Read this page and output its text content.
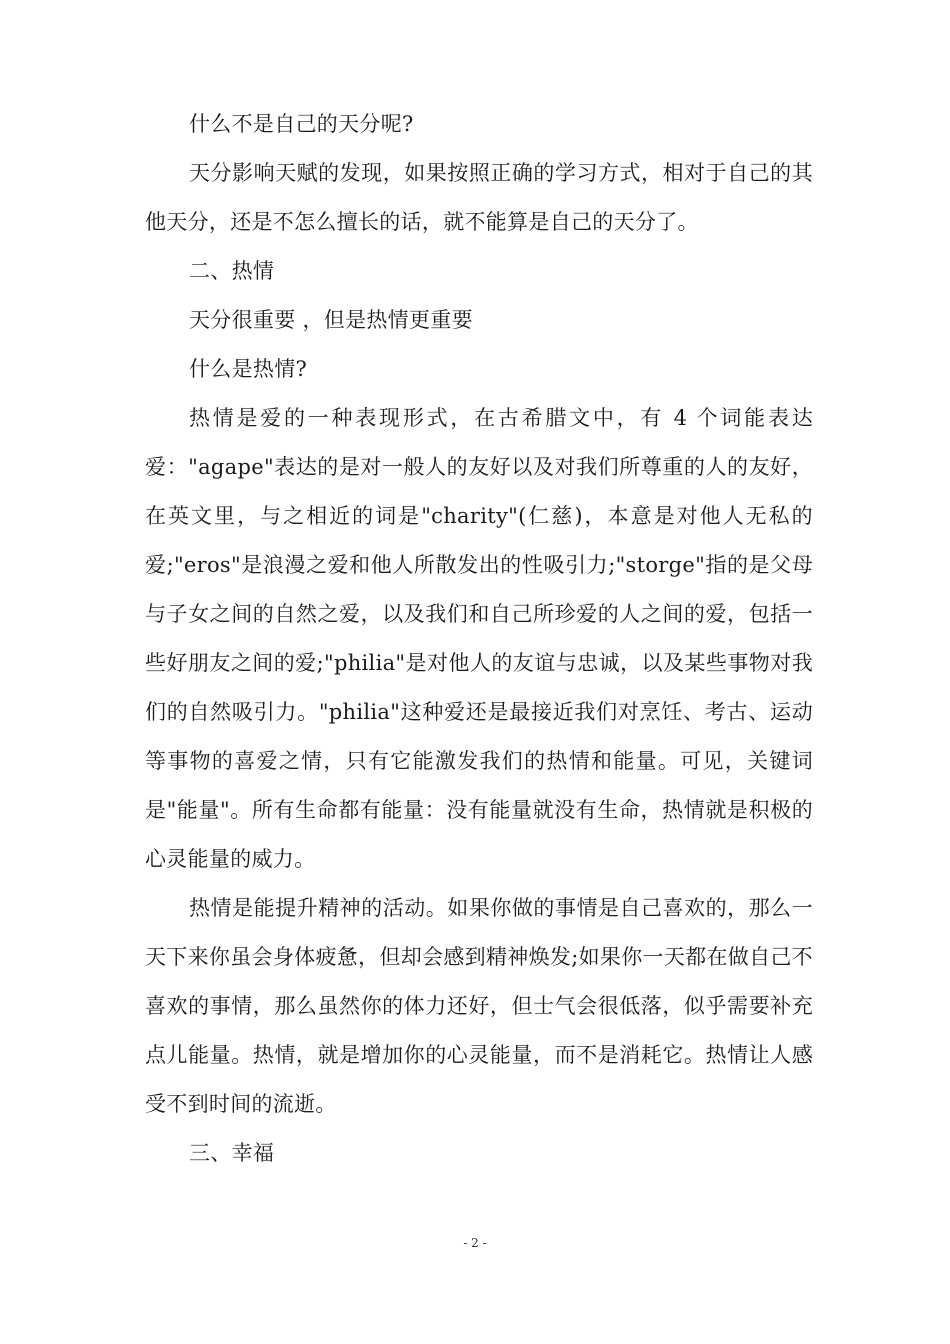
什么不是自己的天分呢?

天分影响天赋的发现，如果按照正确的学习方式，相对于自己的其他天分，还是不怎么擅长的话，就不能算是自己的天分了。

二、热情

天分很重要 ，但是热情更重要

什么是热情?

热情是爱的一种表现形式，在古希腊文中，有 4 个词能表达爱："agape"表达的是对一般人的友好以及对我们所尊重的人的友好，在英文里，与之相近的词是"charity"(仁慈)，本意是对他人无私的爱;"eros"是浪漫之爱和他人所散发出的性吸引力;"storge"指的是父母与子女之间的自然之爱，以及我们和自己所珍爱的人之间的爱，包括一些好朋友之间的爱;"philia"是对他人的友谊与忠诚，以及某些事物对我们的自然吸引力。"philia"这种爱还是最接近我们对烹饪、考古、运动等事物的喜爱之情，只有它能激发我们的热情和能量。可见，关键词是"能量"。所有生命都有能量：没有能量就没有生命，热情就是积极的心灵能量的威力。

热情是能提升精神的活动。如果你做的事情是自己喜欢的，那么一天下来你虽会身体疲惫，但却会感到精神焕发;如果你一天都在做自己不喜欢的事情，那么虽然你的体力还好，但士气会很低落，似乎需要补充点儿能量。热情，就是增加你的心灵能量，而不是消耗它。热情让人感受不到时间的流逝。

三、幸福

- 2 -
